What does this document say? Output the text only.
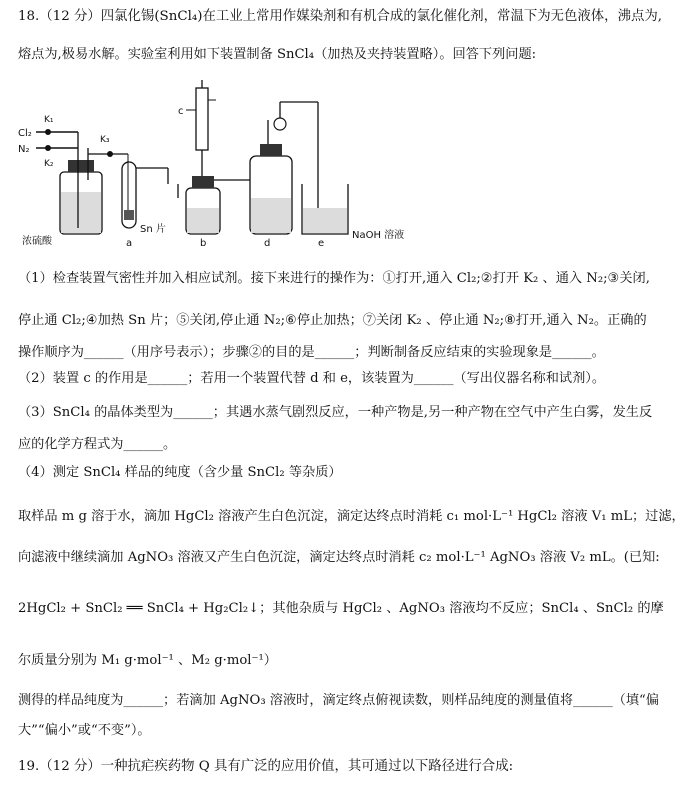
18.（12 分）四氯化锡(SnCl₄)在工业上常用作媒染剂和有机合成的氯化催化剂，常温下为无色液体，沸点为,
熔点为,极易水解。实验室利用如下装置制备 SnCl₄（加热及夹持装置略）。回答下列问题:
Cl₂
N₂
K₁
K₂
K₃
浓硫酸
Sn 片
a
c
b	d	e
NaOH 溶液
（1）检查装置气密性并加入相应试剂。接下来进行的操作为：①打开,通入 Cl₂;②打开 K₂ 、通入 N₂;③关闭,
停止通 Cl₂;④加热 Sn 片；⑤关闭,停止通 N₂;⑥停止加热；⑦关闭 K₂ 、停止通 N₂;⑧打开,通入 N₂。正确的
操作顺序为______（用序号表示）；步骤②的目的是______；判断制备反应结束的实验现象是______。
（2）装置 c 的作用是______；若用一个装置代替 d 和 e，该装置为______（写出仪器名称和试剂）。
（3）SnCl₄ 的晶体类型为______；其遇水蒸气剧烈反应，一种产物是,另一种产物在空气中产生白雾，发生反
应的化学方程式为______。
（4）测定 SnCl₄ 样品的纯度（含少量 SnCl₂ 等杂质）
取样品 m g 溶于水，滴加 HgCl₂ 溶液产生白色沉淀，滴定达终点时消耗 c₁ mol·L⁻¹ HgCl₂ 溶液 V₁ mL；过滤，
向滤液中继续滴加 AgNO₃ 溶液又产生白色沉淀，滴定达终点时消耗 c₂ mol·L⁻¹ AgNO₃ 溶液 V₂ mL。(已知:
2HgCl₂ + SnCl₂ ══ SnCl₄ + Hg₂Cl₂↓；其他杂质与 HgCl₂ 、AgNO₃ 溶液均不反应；SnCl₄ 、SnCl₂ 的摩
尔质量分别为 M₁ g·mol⁻¹ 、M₂ g·mol⁻¹）
测得的样品纯度为______；若滴加 AgNO₃ 溶液时，滴定终点俯视读数，则样品纯度的测量值将______（填“偏
大”“偏小”或“不变”）。
19.（12 分）一种抗疟疾药物 Q 具有广泛的应用价值，其可通过以下路径进行合成:
